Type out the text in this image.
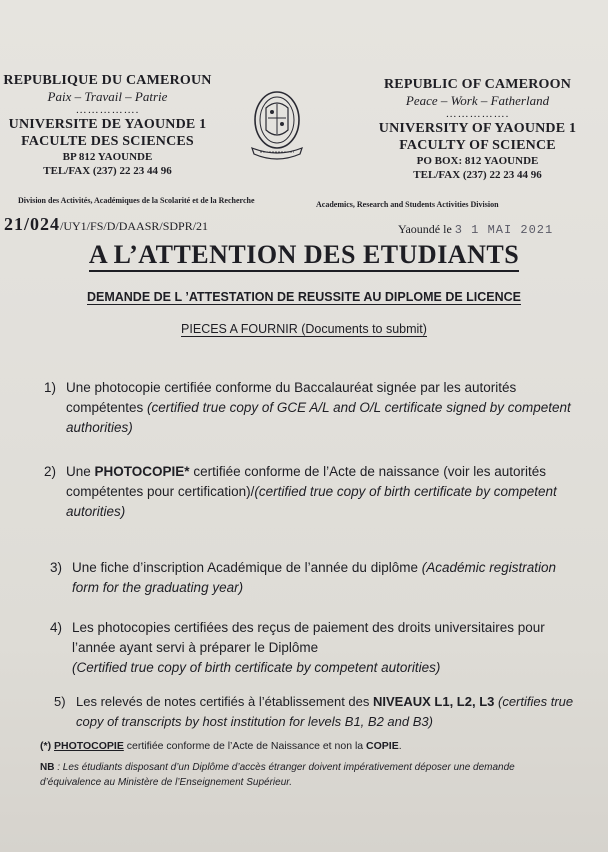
REPUBLIQUE DU CAMEROUN
Paix – Travail – Patrie
…………….
UNIVERSITE DE YAOUNDE 1
FACULTE DES SCIENCES
BP 812 YAOUNDE
TEL/FAX (237) 22 23 44 96
Division des Activités, Académiques de la Scolarité et de la Recherche
REPUBLIC OF CAMEROON
Peace – Work – Fatherland
…………….
UNIVERSITY OF YAOUNDE 1
FACULTY OF SCIENCE
PO BOX: 812 YAOUNDE
TEL/FAX (237) 22 23 44 96
Academics, Research and Students Activities Division
21/024/UY1/FS/D/DAASR/SDPR/21	Yaoundé le 3 1 MAI 2021
A L’ATTENTION DES ETUDIANTS
DEMANDE DE L ’ATTESTATION DE REUSSITE AU DIPLOME DE LICENCE
PIECES A FOURNIR (Documents to submit)
1) Une photocopie certifiée conforme du Baccalauréat signée par les autorités
compétentes (certified true copy of GCE A/L and O/L certificate signed by competent
authorities)
2) Une PHOTOCOPIE* certifiée conforme de l’Acte de naissance (voir les autorités
compétentes pour certification)/(certified true copy of birth certificate by competent
autorities)
3) Une fiche d’inscription Académique de l’année du diplôme (Académic registration
form for the graduating year)
4) Les photocopies certifiées des reçus de paiement des droits universitaires pour
l’année ayant servi à préparer le Diplôme
(Certified true copy of birth certificate by competent autorities)
5) Les relevés de notes certifiés à l’établissement des NIVEAUX L1, L2, L3 (certifies true
copy of transcripts by host institution for levels B1, B2 and B3)
(*) PHOTOCOPIE certifiée conforme de l’Acte de Naissance et non la COPIE.
NB : Les étudiants disposant d’un Diplôme d’accès étranger doivent impérativement déposer une demande d’équivalence au Ministère de l’Enseignement Supérieur.
